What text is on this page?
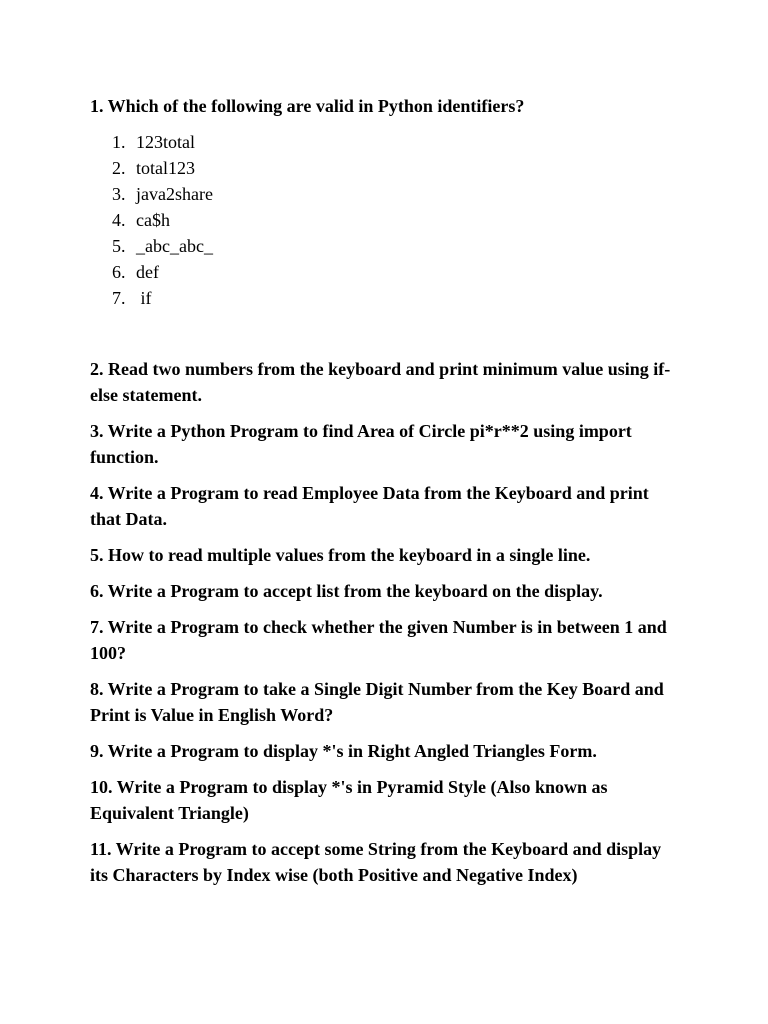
1. Which of the following are valid in Python identifiers?

1. 123total
2. total123
3. java2share
4. ca$h
5. _abc_abc_
6. def
7. if

2. Read two numbers from the keyboard and print minimum value using if-else statement.

3. Write a Python Program to find Area of Circle pi*r**2 using import function.

4. Write a Program to read Employee Data from the Keyboard and print that Data.

5. How to read multiple values from the keyboard in a single line.

6. Write a Program to accept list from the keyboard on the display.

7. Write a Program to check whether the given Number is in between 1 and 100?

8. Write a Program to take a Single Digit Number from the Key Board and Print is Value in English Word?

9. Write a Program to display *'s in Right Angled Triangles Form.

10. Write a Program to display *'s in Pyramid Style (Also known as Equivalent Triangle)

11. Write a Program to accept some String from the Keyboard and display its Characters by Index wise (both Positive and Negative Index)
